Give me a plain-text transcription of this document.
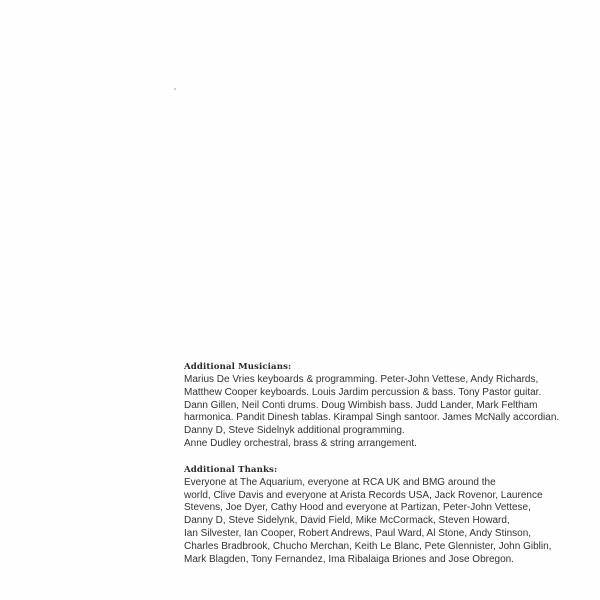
Additional Musicians:
Marius De Vries keyboards & programming. Peter-John Vettese, Andy Richards,
Matthew Cooper keyboards. Louis Jardim percussion & bass. Tony Pastor guitar.
Dann Gillen, Neil Conti drums. Doug Wimbish bass. Judd Lander, Mark Feltham
harmonica. Pandit Dinesh tablas. Kirampal Singh santoor. James McNally accordian.
Danny D, Steve Sidelnyk additional programming.
Anne Dudley orchestral, brass & string arrangement.
Additional Thanks:
Everyone at The Aquarium, everyone at RCA UK and BMG around the
world, Clive Davis and everyone at Arista Records USA, Jack Rovenor, Laurence
Stevens, Joe Dyer, Cathy Hood and everyone at Partizan, Peter-John Vettese,
Danny D, Steve Sidelynk, David Field, Mike McCormack, Steven Howard,
Ian Silvester, Ian Cooper, Robert Andrews, Paul Ward, Al Stone, Andy Stinson,
Charles Bradbrook, Chucho Merchan, Keith Le Blanc, Pete Glennister, John Giblin,
Mark Blagden, Tony Fernandez, Ima Ribalaiga Briones and Jose Obregon.
